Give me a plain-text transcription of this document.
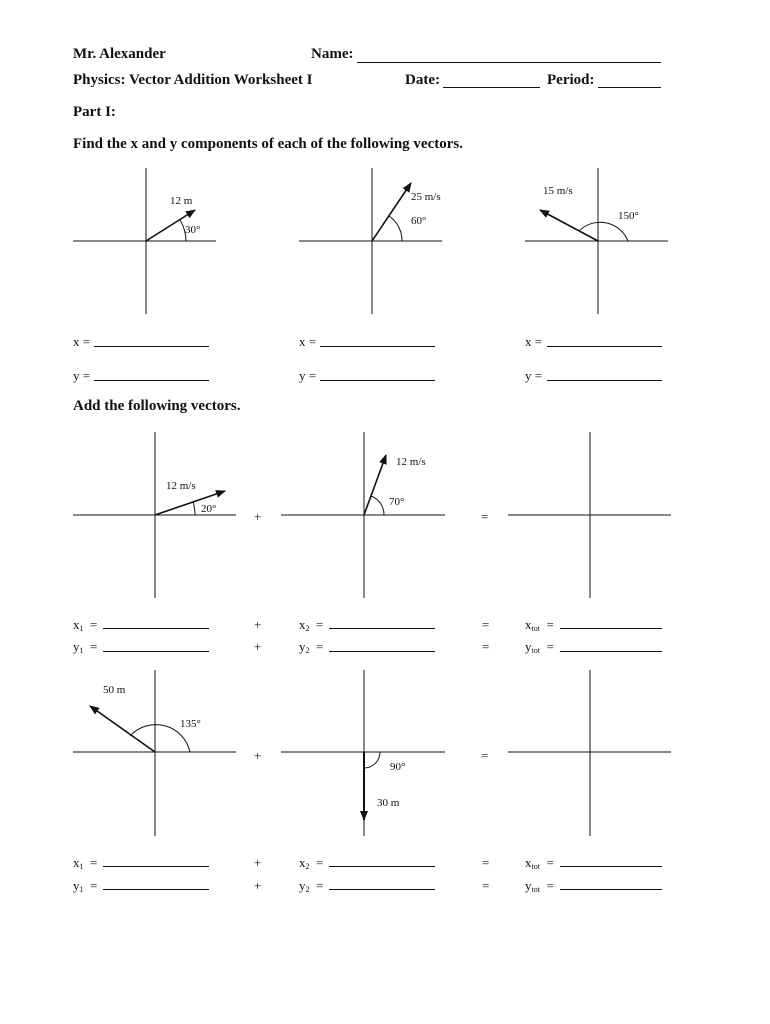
Mr. Alexander	Name:
Physics: Vector Addition Worksheet I	Date:	Period:
Part I:
Find the x and y components of each of the following vectors.
12 m
30°
25 m/s
60°
15 m/s
150°
x =	x =	x =
y =	y =	y =
Add the following vectors.
12 m/s
20°
12 m/s
70°
+	=
$x_1$ =	+	$x_2$ =	=	$x_{tot}$ =
$y_1$ =	+	$y_2$ =	=	$y_{tot}$ =
50 m
135°
90°
30 m
+	=
$x_1$ =	+	$x_2$ =	=	$x_{tot}$ =
$y_1$ =	+	$y_2$ =	=	$y_{tot}$ =
